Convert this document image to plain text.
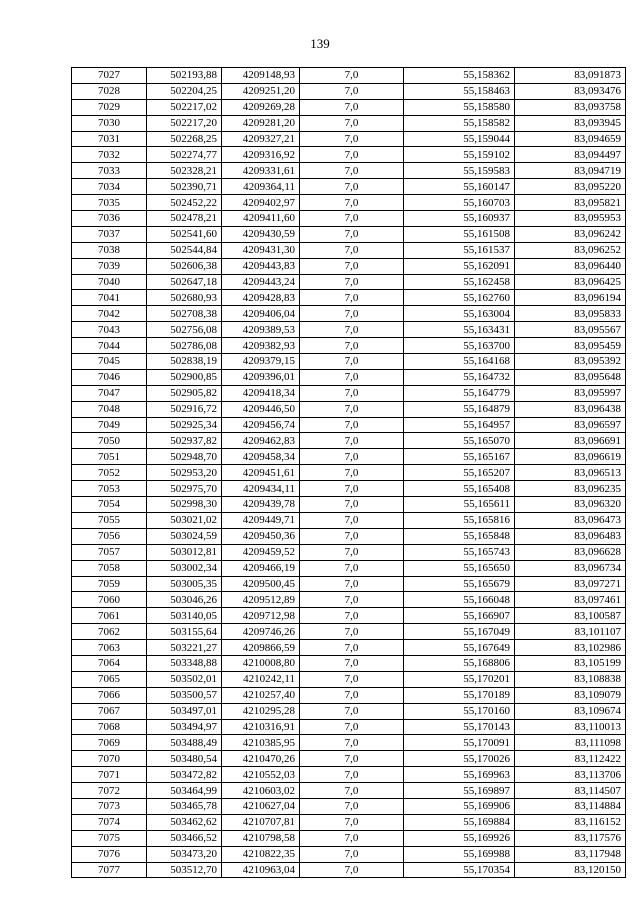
139
7027	502193,88	4209148,93	7,0	55,158362	83,091873
7028	502204,25	4209251,20	7,0	55,158463	83,093476
7029	502217,02	4209269,28	7,0	55,158580	83,093758
7030	502217,20	4209281,20	7,0	55,158582	83,093945
7031	502268,25	4209327,21	7,0	55,159044	83,094659
7032	502274,77	4209316,92	7,0	55,159102	83,094497
7033	502328,21	4209331,61	7,0	55,159583	83,094719
7034	502390,71	4209364,11	7,0	55,160147	83,095220
7035	502452,22	4209402,97	7,0	55,160703	83,095821
7036	502478,21	4209411,60	7,0	55,160937	83,095953
7037	502541,60	4209430,59	7,0	55,161508	83,096242
7038	502544,84	4209431,30	7,0	55,161537	83,096252
7039	502606,38	4209443,83	7,0	55,162091	83,096440
7040	502647,18	4209443,24	7,0	55,162458	83,096425
7041	502680,93	4209428,83	7,0	55,162760	83,096194
7042	502708,38	4209406,04	7,0	55,163004	83,095833
7043	502756,08	4209389,53	7,0	55,163431	83,095567
7044	502786,08	4209382,93	7,0	55,163700	83,095459
7045	502838,19	4209379,15	7,0	55,164168	83,095392
7046	502900,85	4209396,01	7,0	55,164732	83,095648
7047	502905,82	4209418,34	7,0	55,164779	83,095997
7048	502916,72	4209446,50	7,0	55,164879	83,096438
7049	502925,34	4209456,74	7,0	55,164957	83,096597
7050	502937,82	4209462,83	7,0	55,165070	83,096691
7051	502948,70	4209458,34	7,0	55,165167	83,096619
7052	502953,20	4209451,61	7,0	55,165207	83,096513
7053	502975,70	4209434,11	7,0	55,165408	83,096235
7054	502998,30	4209439,78	7,0	55,165611	83,096320
7055	503021,02	4209449,71	7,0	55,165816	83,096473
7056	503024,59	4209450,36	7,0	55,165848	83,096483
7057	503012,81	4209459,52	7,0	55,165743	83,096628
7058	503002,34	4209466,19	7,0	55,165650	83,096734
7059	503005,35	4209500,45	7,0	55,165679	83,097271
7060	503046,26	4209512,89	7,0	55,166048	83,097461
7061	503140,05	4209712,98	7,0	55,166907	83,100587
7062	503155,64	4209746,26	7,0	55,167049	83,101107
7063	503221,27	4209866,59	7,0	55,167649	83,102986
7064	503348,88	4210008,80	7,0	55,168806	83,105199
7065	503502,01	4210242,11	7,0	55,170201	83,108838
7066	503500,57	4210257,40	7,0	55,170189	83,109079
7067	503497,01	4210295,28	7,0	55,170160	83,109674
7068	503494,97	4210316,91	7,0	55,170143	83,110013
7069	503488,49	4210385,95	7,0	55,170091	83,111098
7070	503480,54	4210470,26	7,0	55,170026	83,112422
7071	503472,82	4210552,03	7,0	55,169963	83,113706
7072	503464,99	4210603,02	7,0	55,169897	83,114507
7073	503465,78	4210627,04	7,0	55,169906	83,114884
7074	503462,62	4210707,81	7,0	55,169884	83,116152
7075	503466,52	4210798,58	7,0	55,169926	83,117576
7076	503473,20	4210822,35	7,0	55,169988	83,117948
7077	503512,70	4210963,04	7,0	55,170354	83,120150
